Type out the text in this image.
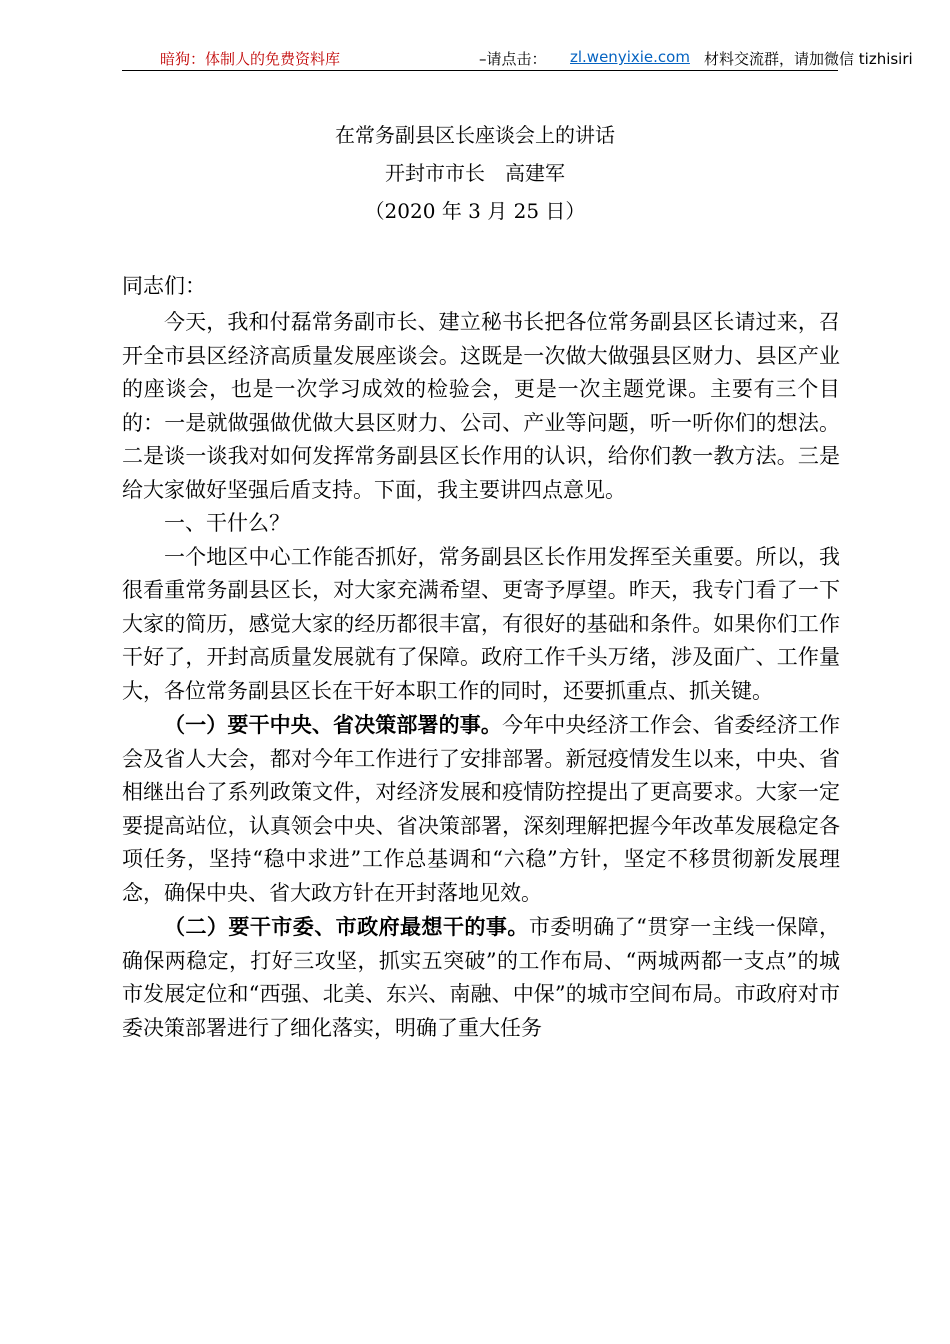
暗狗：体制人的免费资料库	–请点击： zl.wenyixie.com 材料交流群，请加微信 tizhisiri
在常务副县区长座谈会上的讲话
开封市市长　高建军
（2020 年 3 月 25 日）
同志们：

今天，我和付磊常务副市长、建立秘书长把各位常务副县区长请过来，召开全市县区经济高质量发展座谈会。这既是一次做大做强县区财力、县区产业的座谈会，也是一次学习成效的检验会，更是一次主题党课。主要有三个目的：一是就做强做优做大县区财力、公司、产业等问题，听一听你们的想法。二是谈一谈我对如何发挥常务副县区长作用的认识，给你们教一教方法。三是给大家做好坚强后盾支持。下面，我主要讲四点意见。

一、干什么？

一个地区中心工作能否抓好，常务副县区长作用发挥至关重要。所以，我很看重常务副县区长，对大家充满希望、更寄予厚望。昨天，我专门看了一下大家的简历，感觉大家的经历都很丰富，有很好的基础和条件。如果你们工作干好了，开封高质量发展就有了保障。政府工作千头万绪，涉及面广、工作量大，各位常务副县区长在干好本职工作的同时，还要抓重点、抓关键。

（一）要干中央、省决策部署的事。今年中央经济工作会、省委经济工作会及省人大会，都对今年工作进行了安排部署。新冠疫情发生以来，中央、省相继出台了系列政策文件，对经济发展和疫情防控提出了更高要求。大家一定要提高站位，认真领会中央、省决策部署，深刻理解把握今年改革发展稳定各项任务，坚持“稳中求进”工作总基调和“六稳”方针，坚定不移贯彻新发展理念，确保中央、省大政方针在开封落地见效。

（二）要干市委、市政府最想干的事。市委明确了“贯穿一主线一保障，确保两稳定，打好三攻坚，抓实五突破”的工作布局、“两城两都一支点”的城市发展定位和“西强、北美、东兴、南融、中保”的城市空间布局。市政府对市委决策部署进行了细化落实，明确了重大任务
